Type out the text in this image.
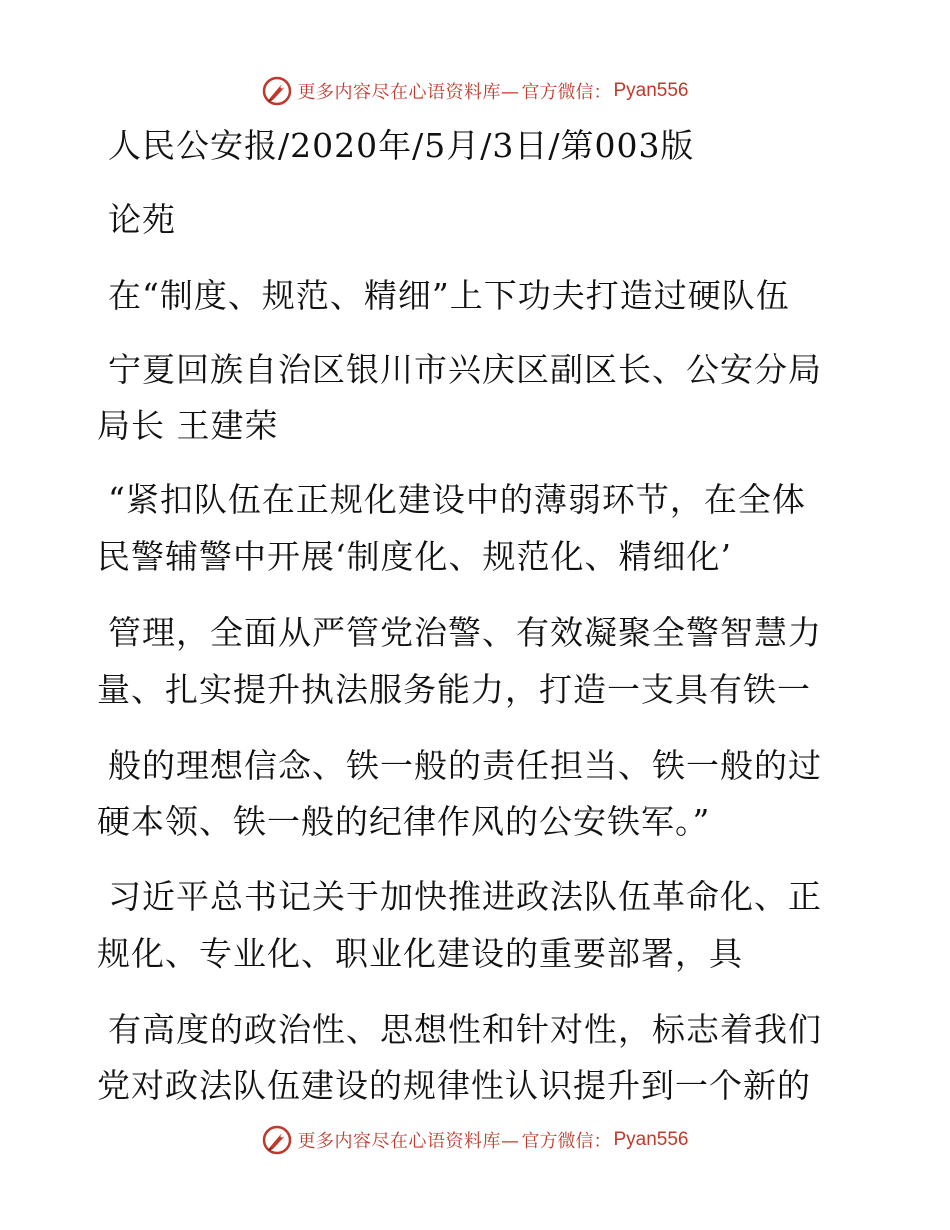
更多内容尽在心语资料库— 官方微信： Pyan556
人民公安报/2020年/5月/3日/第003版
论苑
在“制度、规范、精细”上下功夫打造过硬队伍
宁夏回族自治区银川市兴庆区副区长、公安分局
局长 王建荣
“紧扣队伍在正规化建设中的薄弱环节，在全体
民警辅警中开展‘制度化、规范化、精细化’
管理，全面从严管党治警、有效凝聚全警智慧力
量、扎实提升执法服务能力，打造一支具有铁一
般的理想信念、铁一般的责任担当、铁一般的过
硬本领、铁一般的纪律作风的公安铁军。”
习近平总书记关于加快推进政法队伍革命化、正
规化、专业化、职业化建设的重要部署，具
有高度的政治性、思想性和针对性，标志着我们
党对政法队伍建设的规律性认识提升到一个新的
更多内容尽在心语资料库— 官方微信： Pyan556
